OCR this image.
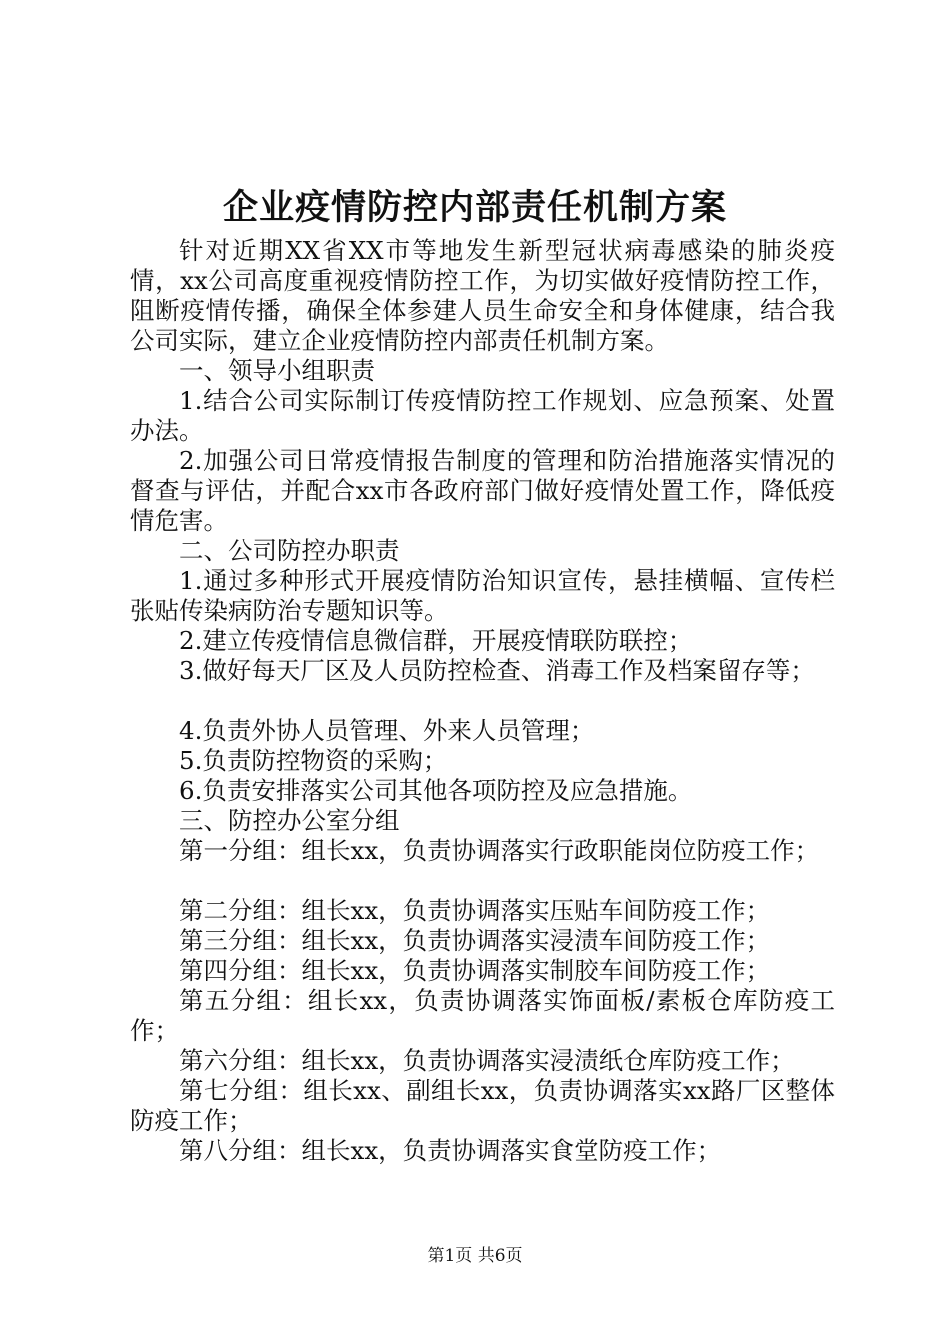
企业疫情防控内部责任机制方案

针对近期XX省XX市等地发生新型冠状病毒感染的肺炎疫情，xx公司高度重视疫情防控工作，为切实做好疫情防控工作，阻断疫情传播，确保全体参建人员生命安全和身体健康，结合我公司实际，建立企业疫情防控内部责任机制方案。

一、领导小组职责

1.结合公司实际制订传疫情防控工作规划、应急预案、处置办法。

2.加强公司日常疫情报告制度的管理和防治措施落实情况的督查与评估，并配合xx市各政府部门做好疫情处置工作，降低疫情危害。

二、公司防控办职责

1.通过多种形式开展疫情防治知识宣传，悬挂横幅、宣传栏张贴传染病防治专题知识等。

2.建立传疫情信息微信群，开展疫情联防联控；

3.做好每天厂区及人员防控检查、消毒工作及档案留存等；

4.负责外协人员管理、外来人员管理；

5.负责防控物资的采购；

6.负责安排落实公司其他各项防控及应急措施。

三、防控办公室分组

第一分组：组长xx，负责协调落实行政职能岗位防疫工作；

第二分组：组长xx，负责协调落实压贴车间防疫工作；

第三分组：组长xx，负责协调落实浸渍车间防疫工作；

第四分组：组长xx，负责协调落实制胶车间防疫工作；

第五分组：组长xx，负责协调落实饰面板/素板仓库防疫工作；

第六分组：组长xx，负责协调落实浸渍纸仓库防疫工作；

第七分组：组长xx、副组长xx，负责协调落实xx路厂区整体防疫工作；

第八分组：组长xx，负责协调落实食堂防疫工作；

第1页 共6页
